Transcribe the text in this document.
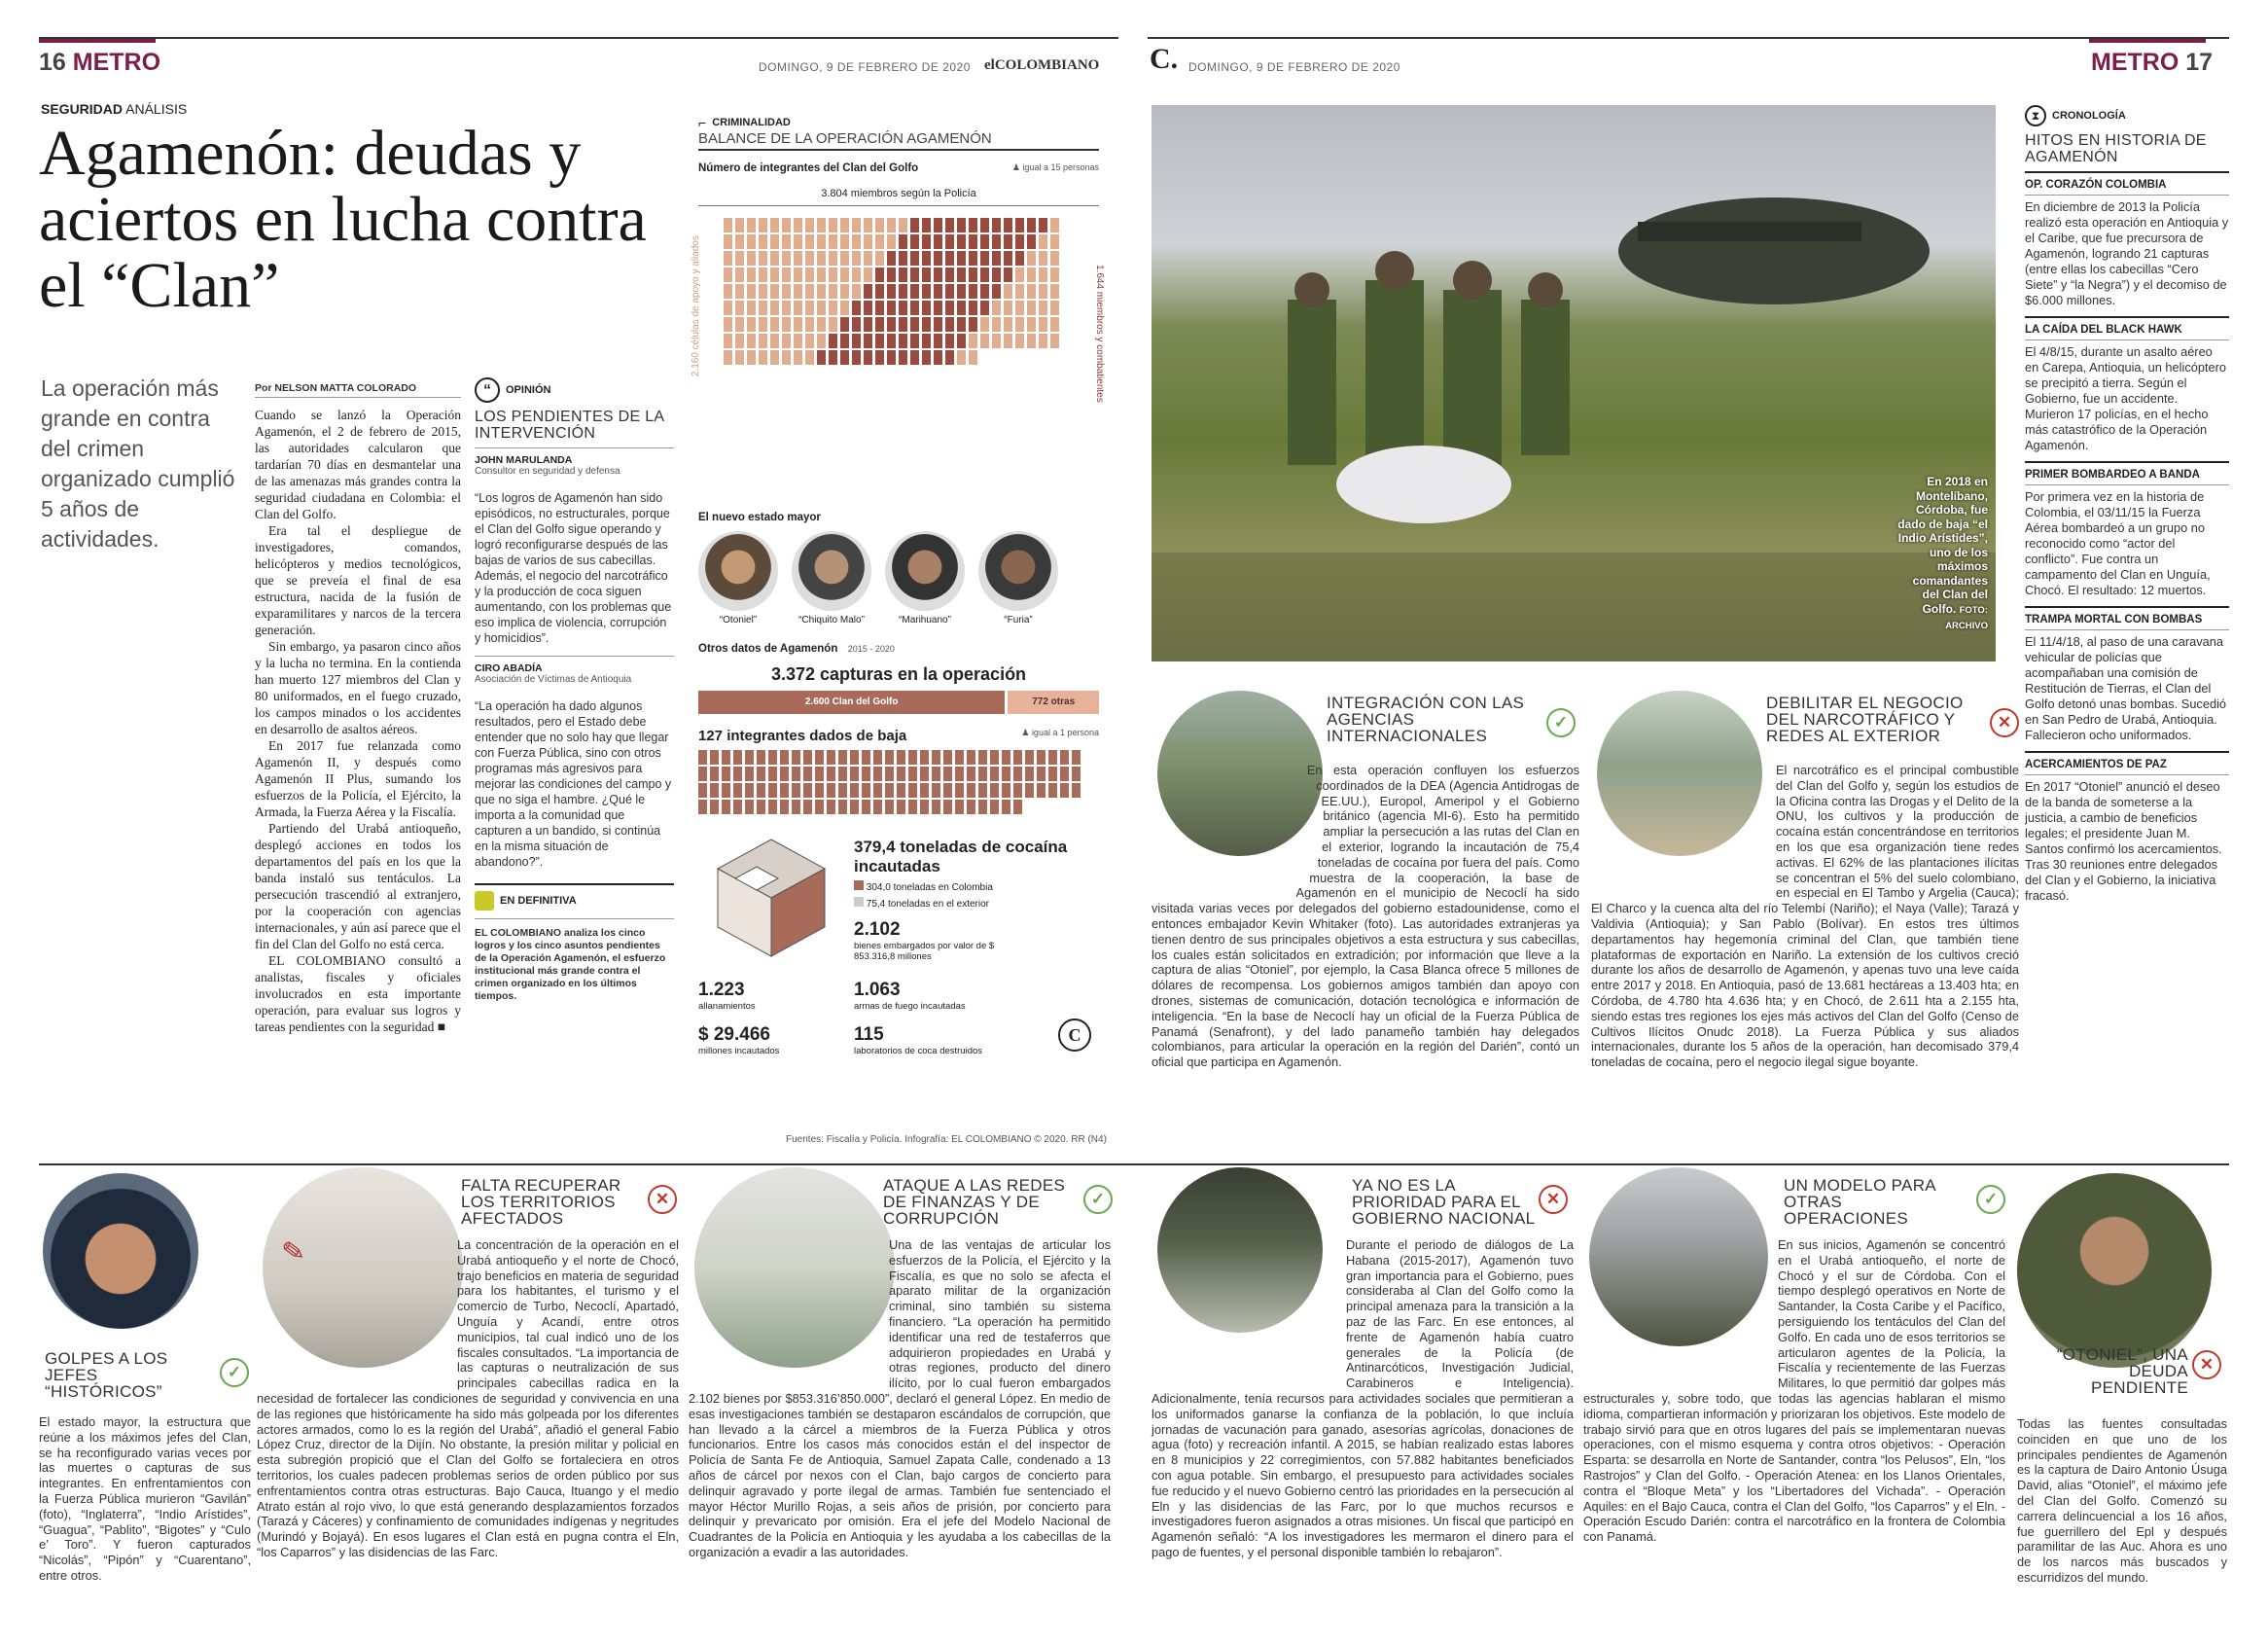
16 METRO	DOMINGO, 9 DE FEBRERO DE 2020 elCOLOMBIANO
SEGURIDAD ANÁLISIS
Agamenón: deudas y aciertos en lucha contra el “Clan”
La operación más grande en contra del crimen organizado cumplió 5 años de actividades.
Por NELSON MATTA COLORADO

Cuando se lanzó la Operación Agamenón, el 2 de febrero de 2015, las autoridades calcularon que tardarían 70 días en desmantelar una de las amenazas más grandes contra la seguridad ciudadana en Colombia: el Clan del Golfo.

Era tal el despliegue de investigadores, comandos, helicópteros y medios tecnológicos, que se preveía el final de esa estructura, nacida de la fusión de exparamilitares y narcos de la tercera generación.

Sin embargo, ya pasaron cinco años y la lucha no termina. En la contienda han muerto 127 miembros del Clan y 80 uniformados, en el fuego cruzado, los campos minados o los accidentes en desarrollo de asaltos aéreos.

En 2017 fue relanzada como Agamenón II, y después como Agamenón II Plus, sumando los esfuerzos de la Policía, el Ejército, la Armada, la Fuerza Aérea y la Fiscalía.

Partiendo del Urabá antioqueño, desplegó acciones en todos los departamentos del país en los que la banda instaló sus tentáculos. La persecución trascendió al extranjero, por la cooperación con agencias internacionales, y aún así parece que el fin del Clan del Golfo no está cerca.

EL COLOMBIANO consultó a analistas, fiscales y oficiales involucrados en esta importante operación, para evaluar sus logros y tareas pendientes con la seguridad ■

“	OPINIÓN
LOS PENDIENTES DE LA INTERVENCIÓN
JOHN MARULANDA
Consultor en seguridad y defensa
“Los logros de Agamenón han sido episódicos, no estructurales, porque el Clan del Golfo sigue operando y logró reconfigurarse después de las bajas de varios de sus cabecillas. Además, el negocio del narcotráfico y la producción de coca siguen aumentando, con los problemas que eso implica de violencia, corrupción y homicidios”.
CIRO ABADÍA
Asociación de Víctimas de Antioquia
“La operación ha dado algunos resultados, pero el Estado debe entender que no solo hay que llegar con Fuerza Pública, sino con otros programas más agresivos para mejorar las condiciones del campo y que no siga el hambre. ¿Qué le importa a la comunidad que capturen a un bandido, si continúa en la misma situación de abandono?”.
EN DEFINITIVA
EL COLOMBIANO analiza los cinco logros y los cinco asuntos pendientes de la Operación Agamenón, el esfuerzo institucional más grande contra el crimen organizado en los últimos tiempos.
⌐ CRIMINALIDAD
BALANCE DE LA OPERACIÓN AGAMENÓN
Número de integrantes del Clan del Golfo	♟ igual a 15 personas
3.804 miembros según la Policía
2.160 células de apoyo y aliados	1.644 miembros y combatientes
El nuevo estado mayor
“Otoniel”	“Chiquito Malo”	“Marihuano”	“Furia”
Otros datos de Agamenón 2015 - 2020
3.372 capturas en la operación
2.600 Clan del Golfo	772 otras
127 integrantes dados de baja	♟ igual a 1 persona
379,4 toneladas de cocaína incautadas
304,0 toneladas en Colombia
75,4 toneladas en el exterior
2.102
bienes embargados por valor de $ 853.316,8 millones
1.223
allanamientos
1.063
armas de fuego incautadas
$ 29.466
millones incautados
115
laboratorios de coca destruidos
C
Fuentes: Fiscalía y Policía. Infografía: EL COLOMBIANO © 2020. RR (N4)
C. DOMINGO, 9 DE FEBRERO DE 2020	METRO 17
En 2018 en Montelíbano, Córdoba, fue dado de baja “el Indio Arístides”, uno de los máximos comandantes del Clan del Golfo. FOTO: ARCHIVO
⧗	CRONOLOGÍA
HITOS EN HISTORIA DE AGAMENÓN
OP. CORAZÓN COLOMBIA
En diciembre de 2013 la Policía realizó esta operación en Antioquia y el Caribe, que fue precursora de Agamenón, logrando 21 capturas (entre ellas los cabecillas “Cero Siete” y “la Negra”) y el decomiso de $6.000 millones.
LA CAÍDA DEL BLACK HAWK
El 4/8/15, durante un asalto aéreo en Carepa, Antioquia, un helicóptero se precipitó a tierra. Según el Gobierno, fue un accidente. Murieron 17 policías, en el hecho más catastrófico de la Operación Agamenón.
PRIMER BOMBARDEO A BANDA
Por primera vez en la historia de Colombia, el 03/11/15 la Fuerza Aérea bombardeó a un grupo no reconocido como “actor del conflicto”. Fue contra un campamento del Clan en Unguía, Chocó. El resultado: 12 muertos.
TRAMPA MORTAL CON BOMBAS
El 11/4/18, al paso de una caravana vehicular de policías que acompañaban una comisión de Restitución de Tierras, el Clan del Golfo detonó unas bombas. Sucedió en San Pedro de Urabá, Antioquia. Fallecieron ocho uniformados.
ACERCAMIENTOS DE PAZ
En 2017 “Otoniel” anunció el deseo de la banda de someterse a la justicia, a cambio de beneficios legales; el presidente Juan M. Santos confirmó los acercamientos. Tras 30 reuniones entre delegados del Clan y el Gobierno, la iniciativa fracasó.
INTEGRACIÓN CON LAS AGENCIAS INTERNACIONALES
✓
En esta operación confluyen los esfuerzos coordinados de la DEA (Agencia Antidrogas de EE.UU.), Europol, Ameripol y el Gobierno británico (agencia MI-6). Esto ha permitido ampliar la persecución a las rutas del Clan en el exterior, logrando la incautación de 75,4 toneladas de cocaína por fuera del país. Como muestra de la cooperación, la base de Agamenón en el municipio de Necoclí ha sido visitada varias veces por delegados del gobierno estadounidense, como el entonces embajador Kevin Whitaker (foto). Las autoridades extranjeras ya tienen dentro de sus principales objetivos a esta estructura y sus cabecillas, los cuales están solicitados en extradición; por información que lleve a la captura de alias “Otoniel”, por ejemplo, la Casa Blanca ofrece 5 millones de dólares de recompensa. Los gobiernos amigos también dan apoyo con drones, sistemas de comunicación, dotación tecnológica e información de inteligencia. “En la base de Necoclí hay un oficial de la Fuerza Pública de Panamá (Senafront), y del lado panameño también hay delegados colombianos, para articular la operación en la región del Darién”, contó un oficial que participa en Agamenón.
DEBILITAR EL NEGOCIO DEL NARCOTRÁFICO Y REDES AL EXTERIOR
✕
El narcotráfico es el principal combustible del Clan del Golfo y, según los estudios de la Oficina contra las Drogas y el Delito de la ONU, los cultivos y la producción de cocaína están concentrándose en territorios en los que esa organización tiene redes activas. El 62% de las plantaciones ilícitas se concentran el 5% del suelo colombiano, en especial en El Tambo y Argelia (Cauca); El Charco y la cuenca alta del río Telembí (Nariño); el Naya (Valle); Tarazá y Valdivia (Antioquia); y San Pablo (Bolívar). En estos tres últimos departamentos hay hegemonía criminal del Clan, que también tiene plataformas de exportación en Nariño. La extensión de los cultivos creció durante los años de desarrollo de Agamenón, y apenas tuvo una leve caída entre 2017 y 2018. En Antioquia, pasó de 13.681 hectáreas a 13.403 hta; en Córdoba, de 4.780 hta 4.636 hta; y en Chocó, de 2.611 hta a 2.155 hta, siendo estas tres regiones los ejes más activos del Clan del Golfo (Censo de Cultivos Ilícitos Onudc 2018). La Fuerza Pública y sus aliados internacionales, durante los 5 años de la operación, han decomisado 379,4 toneladas de cocaína, pero el negocio ilegal sigue boyante.
GOLPES A LOS JEFES “HISTÓRICOS”
✓
El estado mayor, la estructura que reúne a los máximos jefes del Clan, se ha reconfigurado varias veces por las muertes o capturas de sus integrantes. En enfrentamientos con la Fuerza Pública murieron “Gavilán” (foto), “Inglaterra”, “Indio Arístides”, “Guagua”, “Pablito”, “Bigotes” y “Culo e’ Toro”. Y fueron capturados “Nicolás”, “Pipón” y “Cuarentano”, entre otros.
✎
FALTA RECUPERAR LOS TERRITORIOS AFECTADOS
✕
La concentración de la operación en el Urabá antioqueño y el norte de Chocó, trajo beneficios en materia de seguridad para los habitantes, el turismo y el comercio de Turbo, Necoclí, Apartadó, Unguía y Acandí, entre otros municipios, tal cual indicó uno de los fiscales consultados. “La importancia de las capturas o neutralización de sus principales cabecillas radica en la necesidad de fortalecer las condiciones de seguridad y convivencia en una de las regiones que históricamente ha sido más golpeada por los diferentes actores armados, como lo es la región del Urabá”, añadió el general Fabio López Cruz, director de la Dijín. No obstante, la presión militar y policial en esta subregión propició que el Clan del Golfo se fortaleciera en otros territorios, los cuales padecen problemas serios de orden público por sus enfrentamientos contra otras estructuras. Bajo Cauca, Ituango y el medio Atrato están al rojo vivo, lo que está generando desplazamientos forzados (Tarazá y Cáceres) y confinamiento de comunidades indígenas y negritudes (Murindó y Bojayá). En esos lugares el Clan está en pugna contra el Eln, “los Caparros” y las disidencias de las Farc.
ATAQUE A LAS REDES DE FINANZAS Y DE CORRUPCIÓN
✓
Una de las ventajas de articular los esfuerzos de la Policía, el Ejército y la Fiscalía, es que no solo se afecta el aparato militar de la organización criminal, sino también su sistema financiero. “La operación ha permitido identificar una red de testaferros que adquirieron propiedades en Urabá y otras regiones, producto del dinero ilícito, por lo cual fueron embargados 2.102 bienes por $853.316’850.000”, declaró el general López. En medio de esas investigaciones también se destaparon escándalos de corrupción, que han llevado a la cárcel a miembros de la Fuerza Pública y otros funcionarios. Entre los casos más conocidos están el del inspector de Policía de Santa Fe de Antioquia, Samuel Zapata Calle, condenado a 13 años de cárcel por nexos con el Clan, bajo cargos de concierto para delinquir agravado y porte ilegal de armas. También fue sentenciado el mayor Héctor Murillo Rojas, a seis años de prisión, por concierto para delinquir y prevaricato por omisión. Era el jefe del Modelo Nacional de Cuadrantes de la Policía en Antioquia y les ayudaba a los cabecillas de la organización a evadir a las autoridades.
YA NO ES LA PRIORIDAD PARA EL GOBIERNO NACIONAL
✕
Durante el periodo de diálogos de La Habana (2015-2017), Agamenón tuvo gran importancia para el Gobierno, pues consideraba al Clan del Golfo como la principal amenaza para la transición a la paz de las Farc. En ese entonces, al frente de Agamenón había cuatro generales de la Policía (de Antinarcóticos, Investigación Judicial, Carabineros e Inteligencia). Adicionalmente, tenía recursos para actividades sociales que permitieran a los uniformados ganarse la confianza de la población, lo que incluía jornadas de vacunación para ganado, asesorías agrícolas, donaciones de agua (foto) y recreación infantil. A 2015, se habían realizado estas labores en 8 municipios y 22 corregimientos, con 57.882 habitantes beneficiados con agua potable. Sin embargo, el presupuesto para actividades sociales fue reducido y el nuevo Gobierno centró las prioridades en la persecución al Eln y las disidencias de las Farc, por lo que muchos recursos e investigadores fueron asignados a otras misiones. Un fiscal que participó en Agamenón señaló: “A los investigadores les mermaron el dinero para el pago de fuentes, y el personal disponible también lo rebajaron”.
UN MODELO PARA OTRAS OPERACIONES
✓
En sus inicios, Agamenón se concentró en el Urabá antioqueño, el norte de Chocó y el sur de Córdoba. Con el tiempo desplegó operativos en Norte de Santander, la Costa Caribe y el Pacífico, persiguiendo los tentáculos del Clan del Golfo. En cada uno de esos territorios se articularon agentes de la Policía, la Fiscalía y recientemente de las Fuerzas Militares, lo que permitió dar golpes más estructurales y, sobre todo, que todas las agencias hablaran el mismo idioma, compartieran información y priorizaran los objetivos. Este modelo de trabajo sirvió para que en otros lugares del país se implementaran nuevas operaciones, con el mismo esquema y contra otros objetivos: - Operación Esparta: se desarrolla en Norte de Santander, contra “los Pelusos”, Eln, “los Rastrojos” y Clan del Golfo. - Operación Atenea: en los Llanos Orientales, contra el “Bloque Meta” y los “Libertadores del Vichada”. - Operación Aquiles: en el Bajo Cauca, contra el Clan del Golfo, “los Caparros” y el Eln. - Operación Escudo Darién: contra el narcotráfico en la frontera de Colombia con Panamá.
“OTONIEL”, UNA DEUDA PENDIENTE
✕
Todas las fuentes consultadas coinciden en que uno de los principales pendientes de Agamenón es la captura de Dairo Antonio Úsuga David, alias “Otoniel”, el máximo jefe del Clan del Golfo. Comenzó su carrera delincuencial a los 16 años, fue guerrillero del Epl y después paramilitar de las Auc. Ahora es uno de los narcos más buscados y escurridizos del mundo.
